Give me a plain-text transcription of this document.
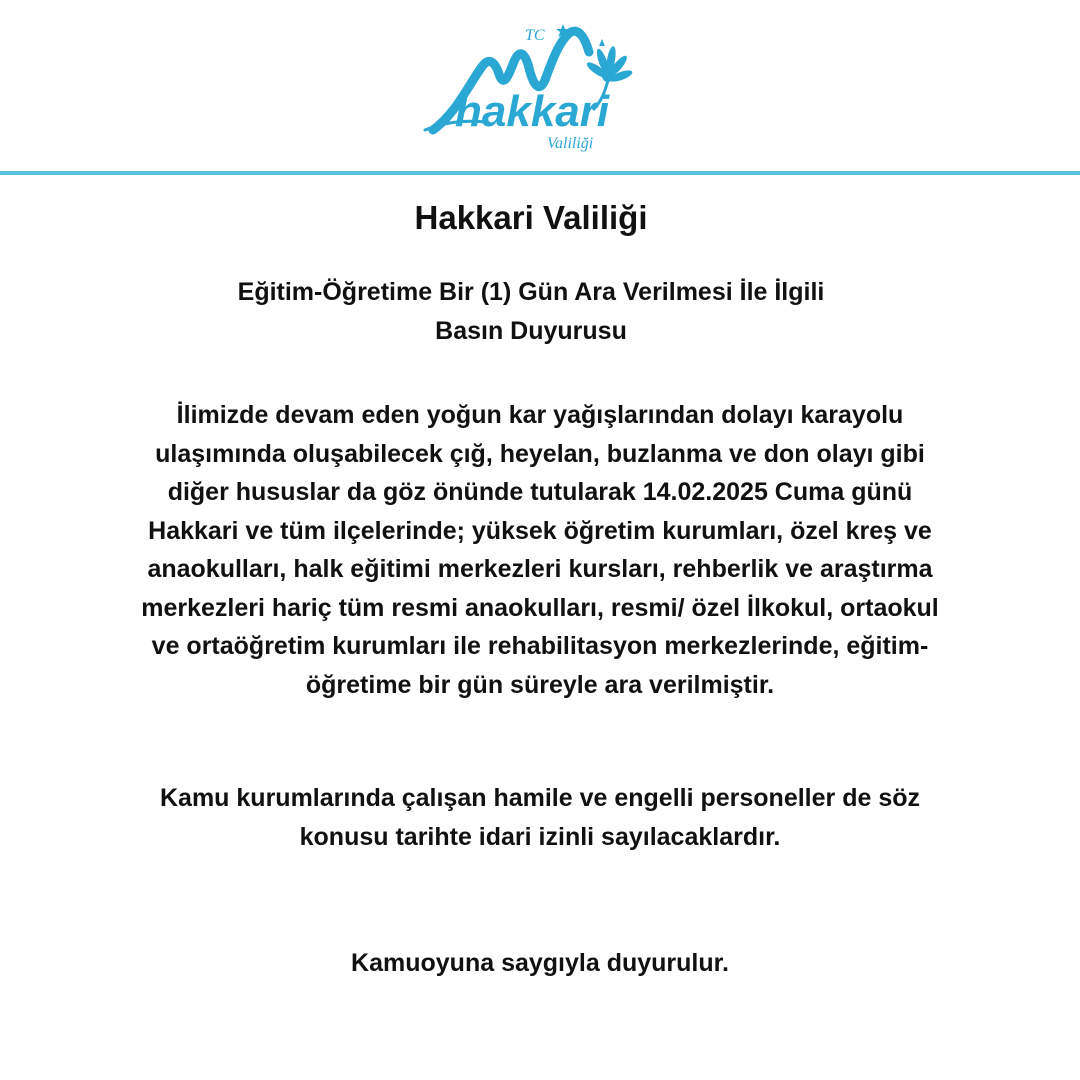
TC
hakkari
Valiliği
Hakkari Valiliği
Eğitim-Öğretime Bir (1) Gün Ara Verilmesi İle İlgili
Basın Duyurusu
İlimizde devam eden yoğun kar yağışlarından dolayı karayolu
ulaşımında oluşabilecek çığ, heyelan, buzlanma ve don olayı gibi
diğer hususlar da göz önünde tutularak 14.02.2025 Cuma günü
Hakkari ve tüm ilçelerinde; yüksek öğretim kurumları, özel kreş ve
anaokulları, halk eğitimi merkezleri kursları, rehberlik ve araştırma
merkezleri hariç tüm resmi anaokulları, resmi/ özel İlkokul, ortaokul
ve ortaöğretim kurumları ile rehabilitasyon merkezlerinde, eğitim-
öğretime bir gün süreyle ara verilmiştir.
Kamu kurumlarında çalışan hamile ve engelli personeller de söz
konusu tarihte idari izinli sayılacaklardır.

Kamuoyuna saygıyla duyurulur.
